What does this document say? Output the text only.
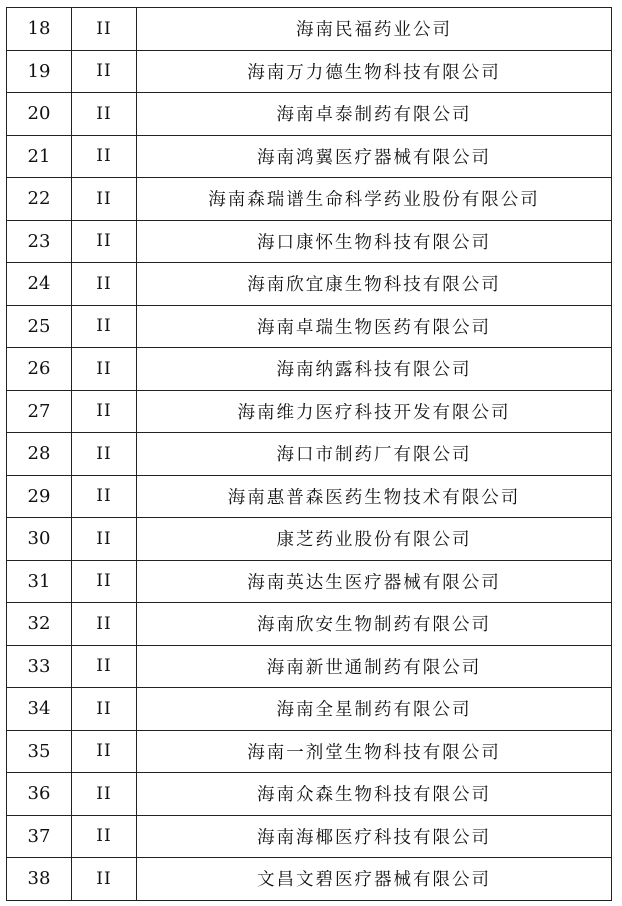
18	II	海南民福药业公司
19	II	海南万力德生物科技有限公司
20	II	海南卓泰制药有限公司
21	II	海南鸿翼医疗器械有限公司
22	II	海南森瑞谱生命科学药业股份有限公司
23	II	海口康怀生物科技有限公司
24	II	海南欣宜康生物科技有限公司
25	II	海南卓瑞生物医药有限公司
26	II	海南纳露科技有限公司
27	II	海南维力医疗科技开发有限公司
28	II	海口市制药厂有限公司
29	II	海南惠普森医药生物技术有限公司
30	II	康芝药业股份有限公司
31	II	海南英达生医疗器械有限公司
32	II	海南欣安生物制药有限公司
33	II	海南新世通制药有限公司
34	II	海南全星制药有限公司
35	II	海南一剂堂生物科技有限公司
36	II	海南众森生物科技有限公司
37	II	海南海椰医疗科技有限公司
38	II	文昌文碧医疗器械有限公司
